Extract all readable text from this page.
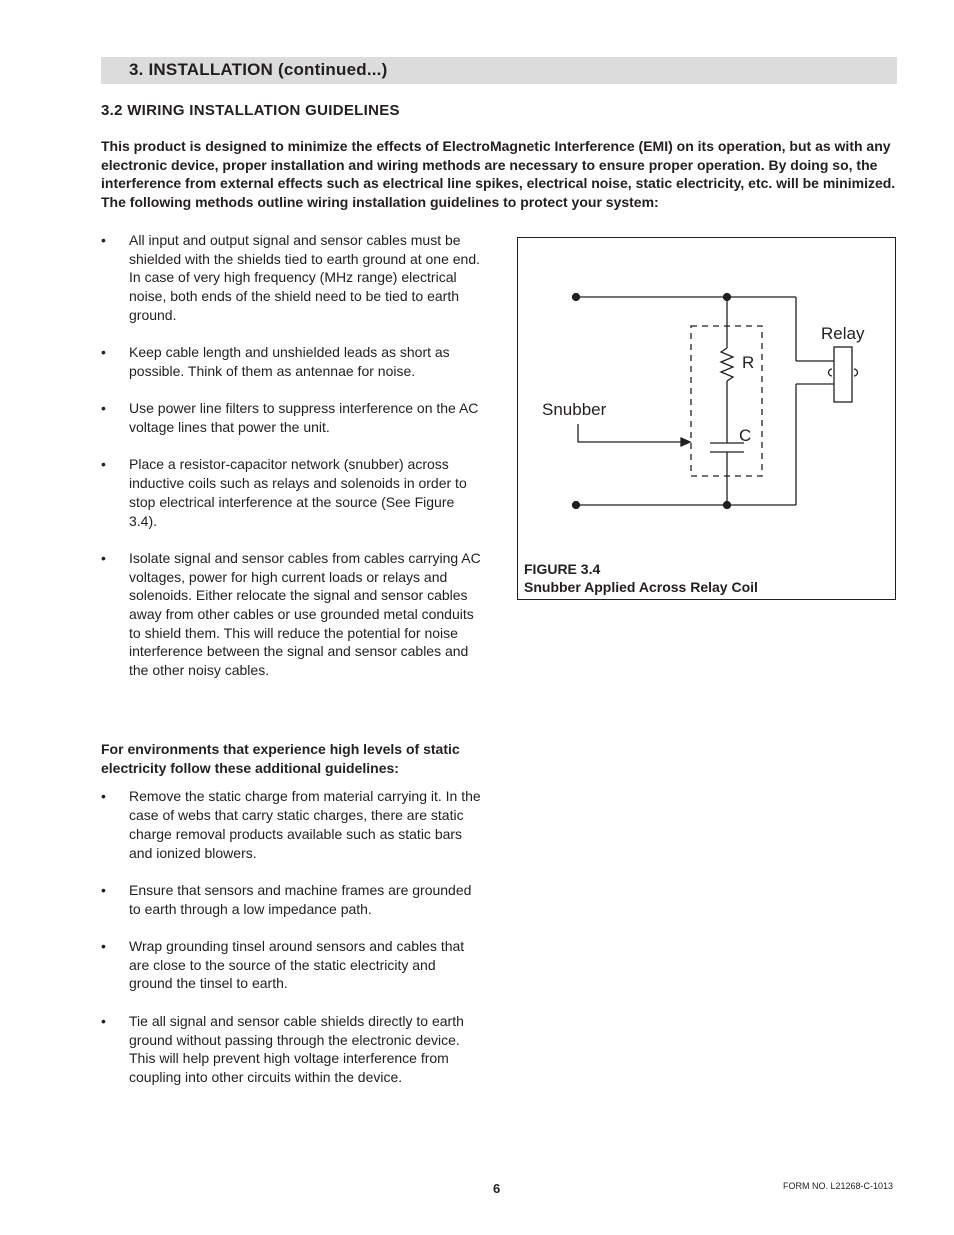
3. INSTALLATION (continued...)
3.2 WIRING INSTALLATION GUIDELINES
This product is designed to minimize the effects of ElectroMagnetic Interference (EMI) on its operation, but as with any electronic device, proper installation and wiring methods are necessary to ensure proper operation. By doing so, the interference from external effects such as electrical line spikes, electrical noise, static electricity, etc. will be minimized. The following methods outline wiring installation guidelines to protect your system:
• All input and output signal and sensor cables must be shielded with the shields tied to earth ground at one end. In case of very high frequency (MHz range) electrical noise, both ends of the shield need to be tied to earth ground.
• Keep cable length and unshielded leads as short as possible. Think of them as antennae for noise.
• Use power line filters to suppress interference on the AC voltage lines that power the unit.
• Place a resistor-capacitor network (snubber) across inductive coils such as relays and solenoids in order to stop electrical interference at the source (See Figure 3.4).
• Isolate signal and sensor cables from cables carrying AC voltages, power for high current loads or relays and solenoids. Either relocate the signal and sensor cables away from other cables or use grounded metal conduits to shield them. This will reduce the potential for noise interference between the signal and sensor cables and the other noisy cables.
For environments that experience high levels of static electricity follow these additional guidelines:
• Remove the static charge from material carrying it. In the case of webs that carry static charges, there are static charge removal products available such as static bars and ionized blowers.
• Ensure that sensors and machine frames are grounded to earth through a low impedance path.
• Wrap grounding tinsel around sensors and cables that are close to the source of the static electricity and ground the tinsel to earth.
• Tie all signal and sensor cable shields directly to earth ground without passing through the electronic device. This will help prevent high voltage interference from coupling into other circuits within the device.
Relay
Snubber
R
C
FIGURE 3.4
Snubber Applied Across Relay Coil
6	FORM NO. L21268-C-1013
